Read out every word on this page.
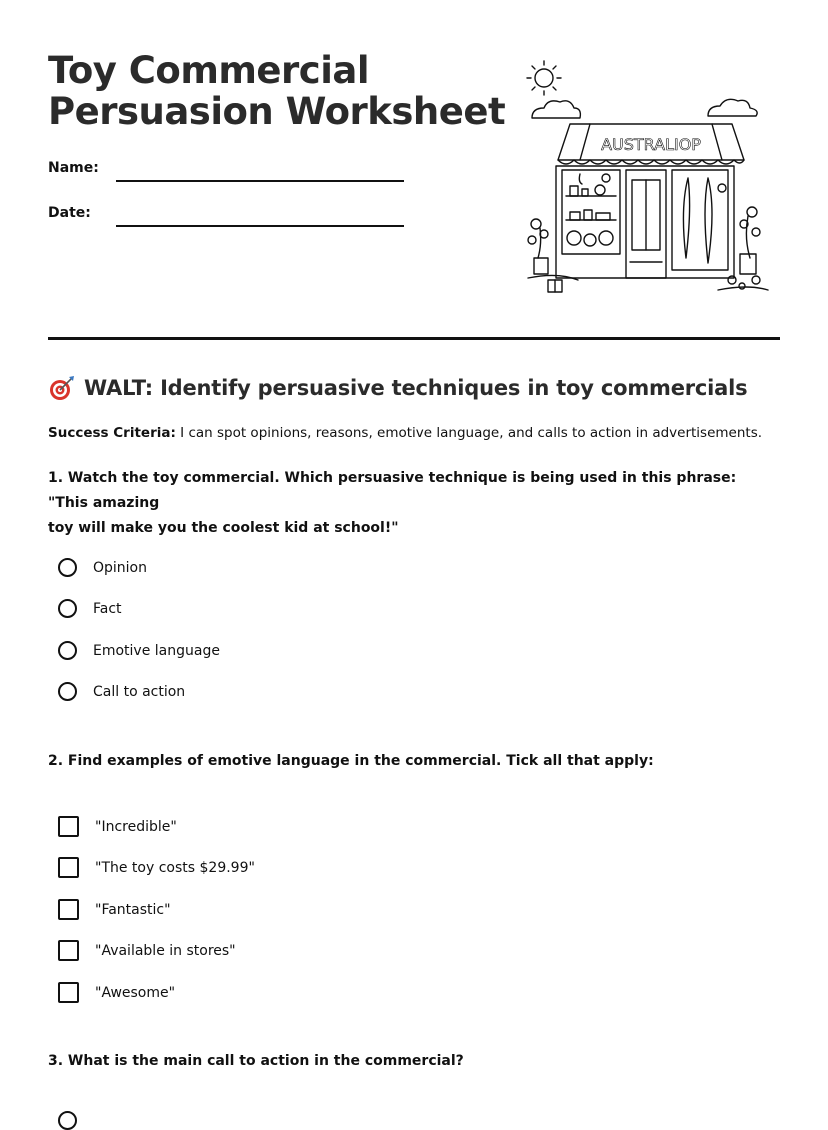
Toy Commercial
Persuasion Worksheet
Name:
Date:
AUSTRALIOP
WALT: Identify persuasive techniques in toy commercials
Success Criteria: I can spot opinions, reasons, emotive language, and calls to action in advertisements.
1. Watch the toy commercial. Which persuasive technique is being used in this phrase: "This amazing
toy will make you the coolest kid at school!"
Opinion
Fact
Emotive language
Call to action
2. Find examples of emotive language in the commercial. Tick all that apply:
"Incredible"
"The toy costs $29.99"
"Fantastic"
"Available in stores"
"Awesome"
3. What is the main call to action in the commercial?
